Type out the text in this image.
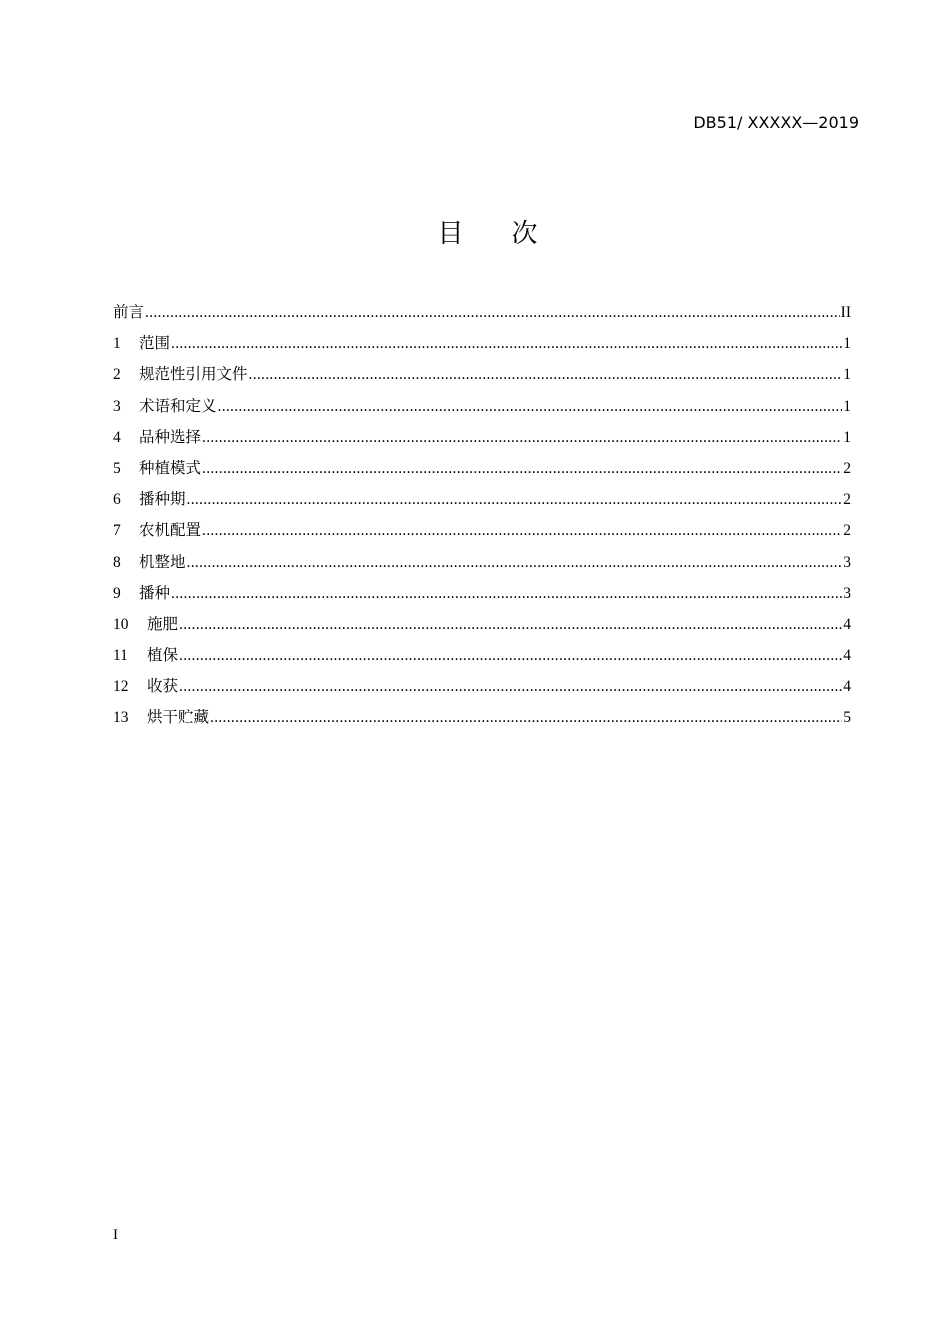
DB51/ XXXXX—2019
目 次
前言 .....	II
1	范围 .....	1
2	规范性引用文件 .....	1
3	术语和定义 .....	1
4	品种选择 .....	1
5	种植模式 .....	2
6	播种期 .....	2
7	农机配置 .....	2
8	机整地 .....	3
9	播种 .....	3
10	施肥 .....	4
11	植保 .....	4
12	收获 .....	4
13	烘干贮藏 .....	5
I
